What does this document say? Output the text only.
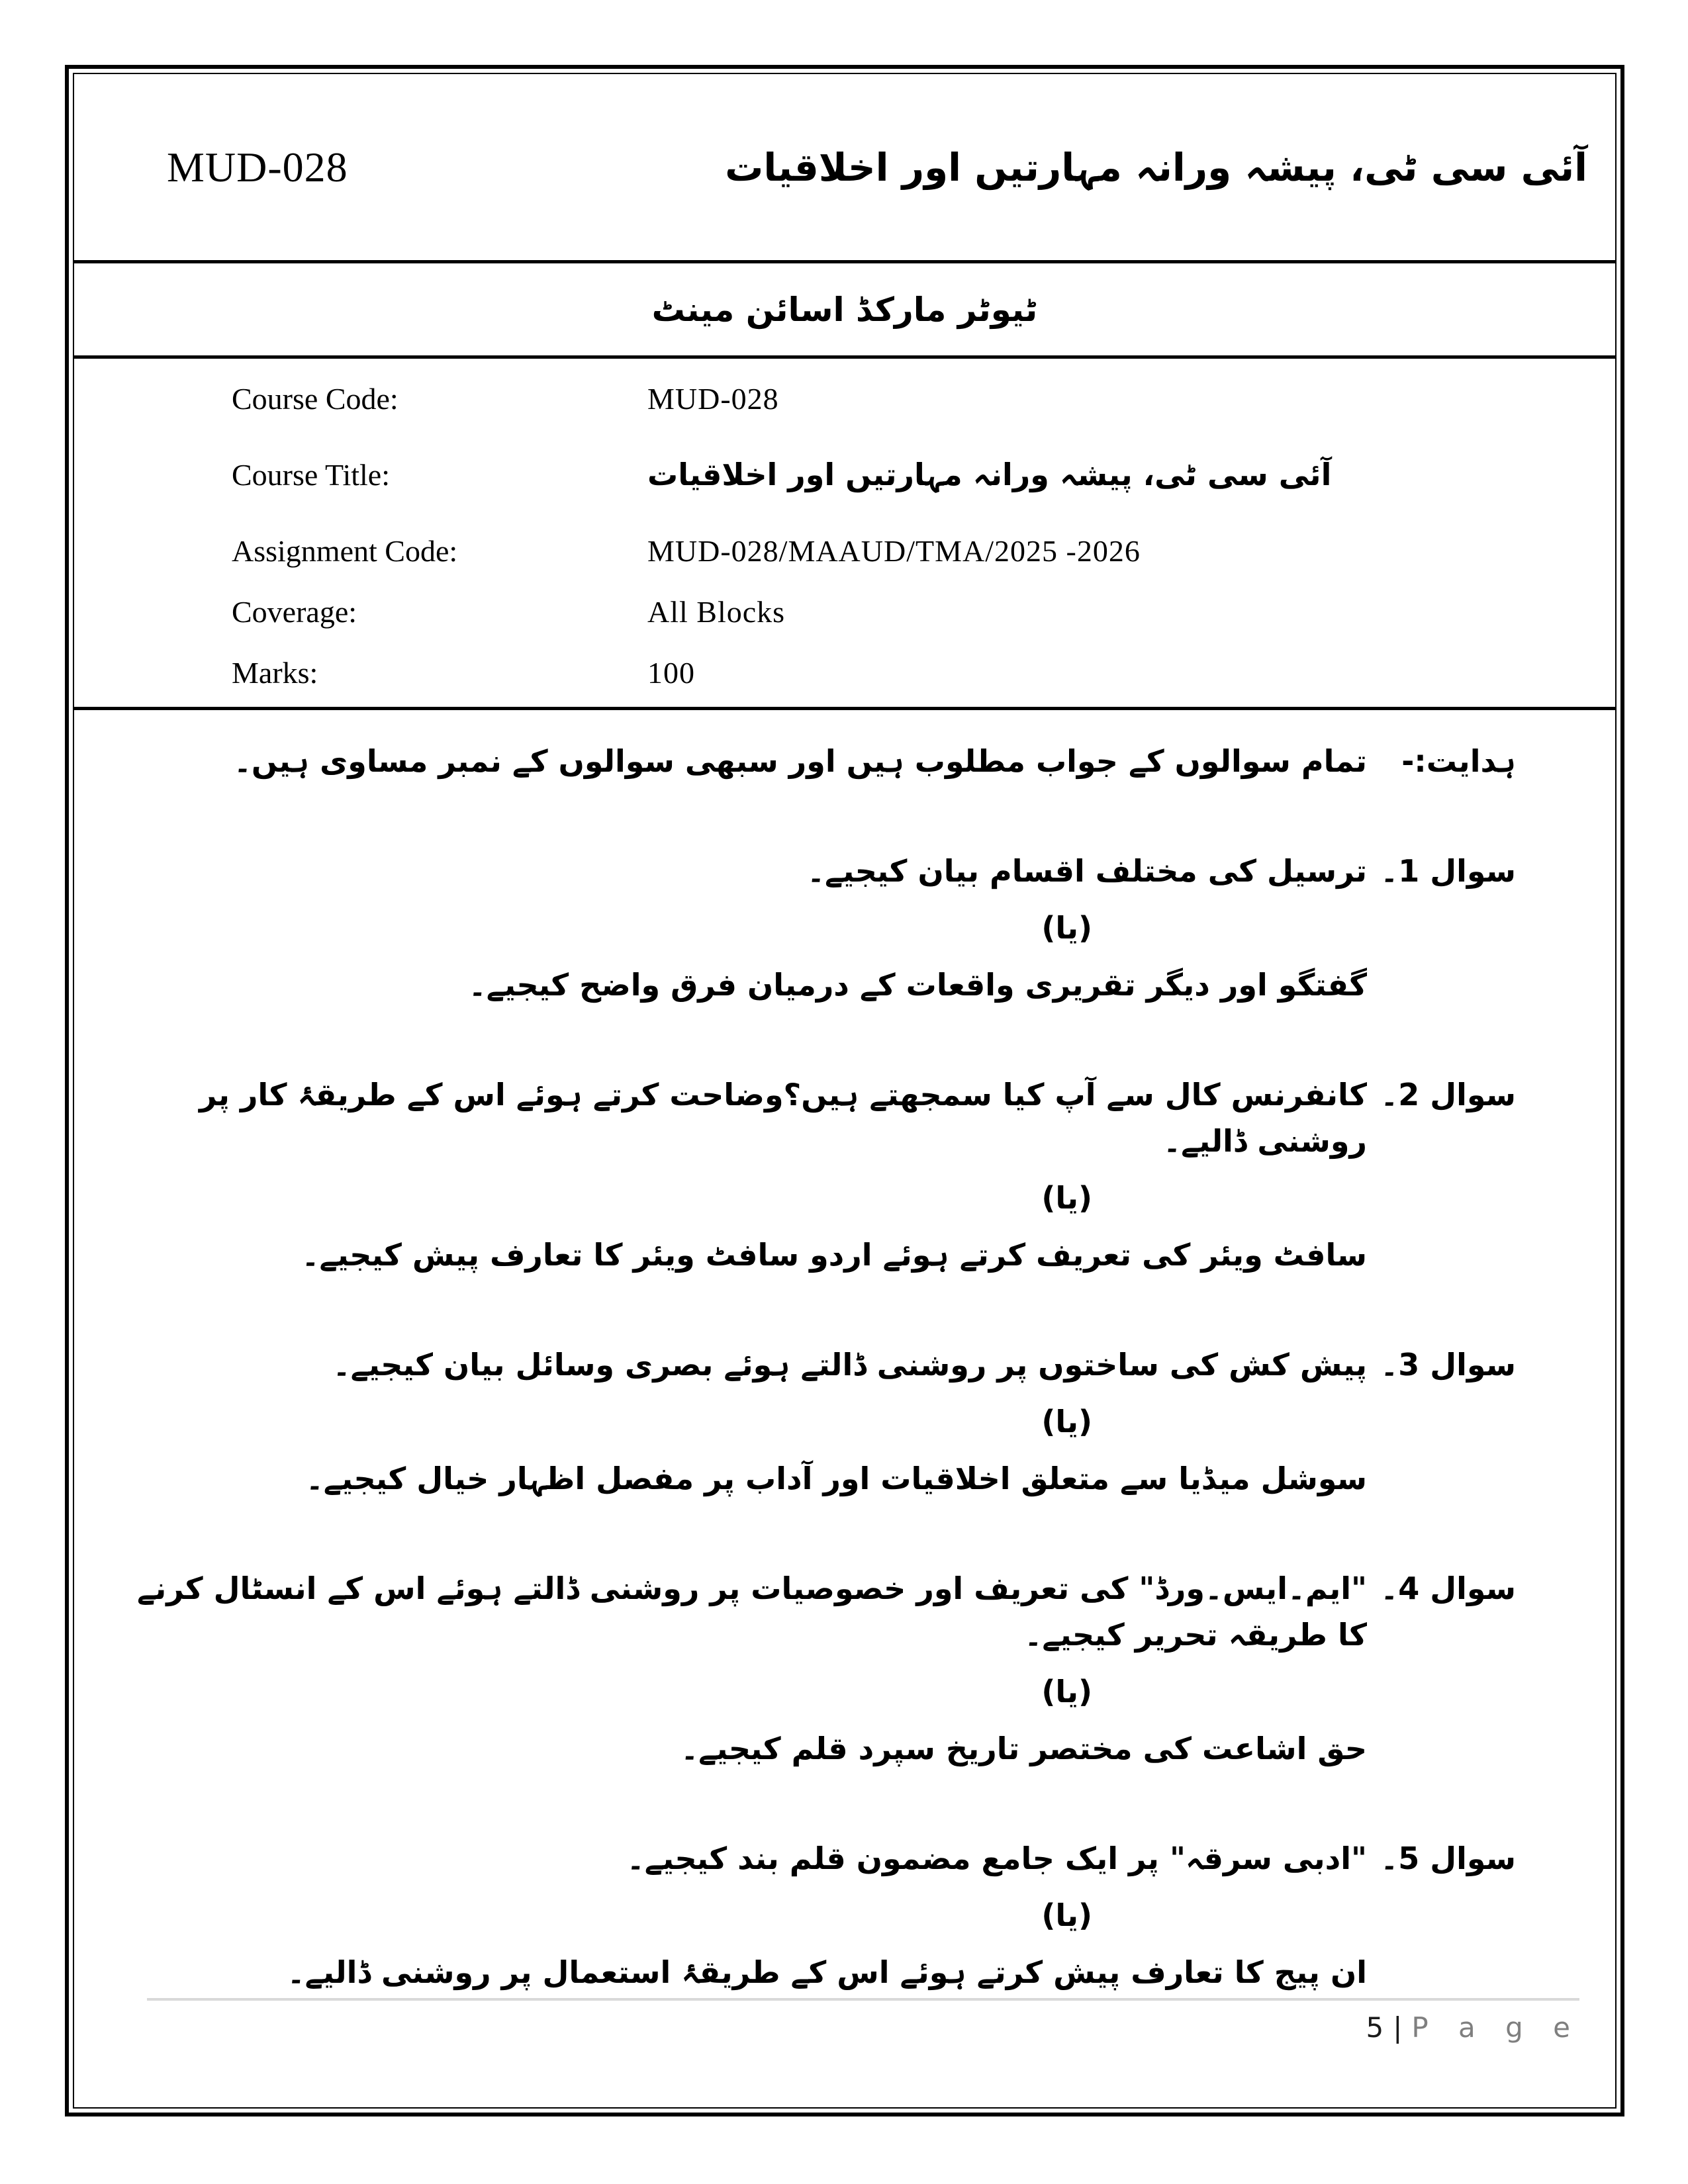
MUD-028	آئی سی ٹی، پیشہ ورانہ مہارتیں اور اخلاقیات
ٹیوٹر مارکڈ اسائن مینٹ
Course Code:	MUD-028
Course Title:	آئی سی ٹی، پیشہ ورانہ مہارتیں اور اخلاقیات
Assignment Code:	MUD-028/MAAUD/TMA/2025 -2026
Coverage:	All Blocks
Marks:	100
ہدایت:-
تمام سوالوں کے جواب مطلوب ہیں اور سبھی سوالوں کے نمبر مساوی ہیں۔
سوال 1۔
ترسیل کی مختلف اقسام بیان کیجیے۔
(یا)
گفتگو اور دیگر تقریری واقعات کے درمیان فرق واضح کیجیے۔
سوال 2۔
کانفرنس کال سے آپ کیا سمجھتے ہیں؟وضاحت کرتے ہوئے اس کے طریقۂ کار پر روشنی ڈالیے۔
(یا)
سافٹ ویئر کی تعریف کرتے ہوئے اردو سافٹ ویئر کا تعارف پیش کیجیے۔
سوال 3۔
پیش کش کی ساختوں پر روشنی ڈالتے ہوئے بصری وسائل بیان کیجیے۔
(یا)
سوشل میڈیا سے متعلق اخلاقیات اور آداب پر مفصل اظہار خیال کیجیے۔
سوال 4۔
"ایم۔ایس۔ورڈ" کی تعریف اور خصوصیات پر روشنی ڈالتے ہوئے اس کے انسٹال کرنے کا طریقہ تحریر کیجیے۔
(یا)
حق اشاعت کی مختصر تاریخ سپرد قلم کیجیے۔
سوال 5۔
"ادبی سرقہ" پر ایک جامع مضمون قلم بند کیجیے۔
(یا)
ان پیج کا تعارف پیش کرتے ہوئے اس کے طریقۂ استعمال پر روشنی ڈالیے۔
5 | P a g e
